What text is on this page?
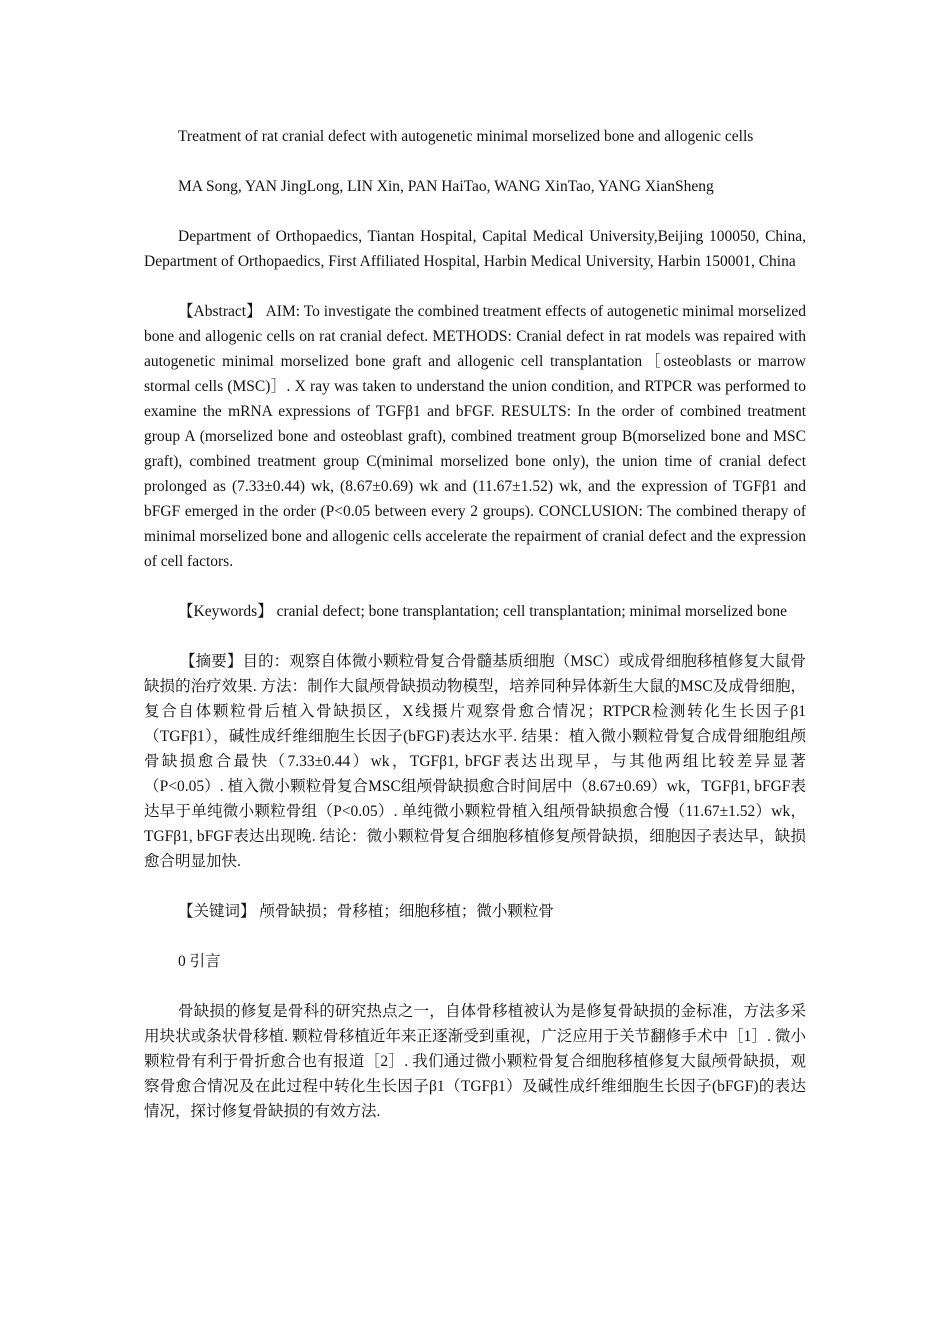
Treatment of rat cranial defect with autogenetic minimal morselized bone and allogenic cells

MA Song, YAN JingLong, LIN Xin, PAN HaiTao, WANG XinTao, YANG XianSheng

Department of Orthopaedics, Tiantan Hospital, Capital Medical University,Beijing 100050, China, Department of Orthopaedics, First Affiliated Hospital, Harbin Medical University, Harbin 150001, China

【Abstract】 AIM: To investigate the combined treatment effects of autogenetic minimal morselized bone and allogenic cells on rat cranial defect. METHODS: Cranial defect in rat models was repaired with autogenetic minimal morselized bone graft and allogenic cell transplantation［osteoblasts or marrow stormal cells (MSC)］. X ray was taken to understand the union condition, and RTPCR was performed to examine the mRNA expressions of TGFβ1 and bFGF. RESULTS: In the order of combined treatment group A (morselized bone and osteoblast graft), combined treatment group B(morselized bone and MSC graft), combined treatment group C(minimal morselized bone only), the union time of cranial defect prolonged as (7.33±0.44) wk, (8.67±0.69) wk and (11.67±1.52) wk, and the expression of TGFβ1 and bFGF emerged in the order (P<0.05 between every 2 groups). CONCLUSION: The combined therapy of minimal morselized bone and allogenic cells accelerate the repairment of cranial defect and the expression of cell factors.

【Keywords】 cranial defect; bone transplantation; cell transplantation; minimal morselized bone

【摘要】目的：观察自体微小颗粒骨复合骨髓基质细胞（MSC）或成骨细胞移植修复大鼠骨缺损的治疗效果. 方法：制作大鼠颅骨缺损动物模型，培养同种异体新生大鼠的MSC及成骨细胞，复合自体颗粒骨后植入骨缺损区，X线摄片观察骨愈合情况；RTPCR检测转化生长因子β1（TGFβ1），碱性成纤维细胞生长因子(bFGF)表达水平. 结果：植入微小颗粒骨复合成骨细胞组颅骨缺损愈合最快（7.33±0.44）wk，TGFβ1, bFGF表达出现早，与其他两组比较差异显著（P<0.05）. 植入微小颗粒骨复合MSC组颅骨缺损愈合时间居中（8.67±0.69）wk，TGFβ1, bFGF表达早于单纯微小颗粒骨组（P<0.05）. 单纯微小颗粒骨植入组颅骨缺损愈合慢（11.67±1.52）wk，TGFβ1, bFGF表达出现晚. 结论：微小颗粒骨复合细胞移植修复颅骨缺损，细胞因子表达早，缺损愈合明显加快.

【关键词】 颅骨缺损；骨移植；细胞移植；微小颗粒骨

0 引言

骨缺损的修复是骨科的研究热点之一，自体骨移植被认为是修复骨缺损的金标准，方法多采用块状或条状骨移植. 颗粒骨移植近年来正逐渐受到重视，广泛应用于关节翻修手术中［1］. 微小颗粒骨有利于骨折愈合也有报道［2］. 我们通过微小颗粒骨复合细胞移植修复大鼠颅骨缺损，观察骨愈合情况及在此过程中转化生长因子β1（TGFβ1）及碱性成纤维细胞生长因子(bFGF)的表达情况，探讨修复骨缺损的有效方法.
